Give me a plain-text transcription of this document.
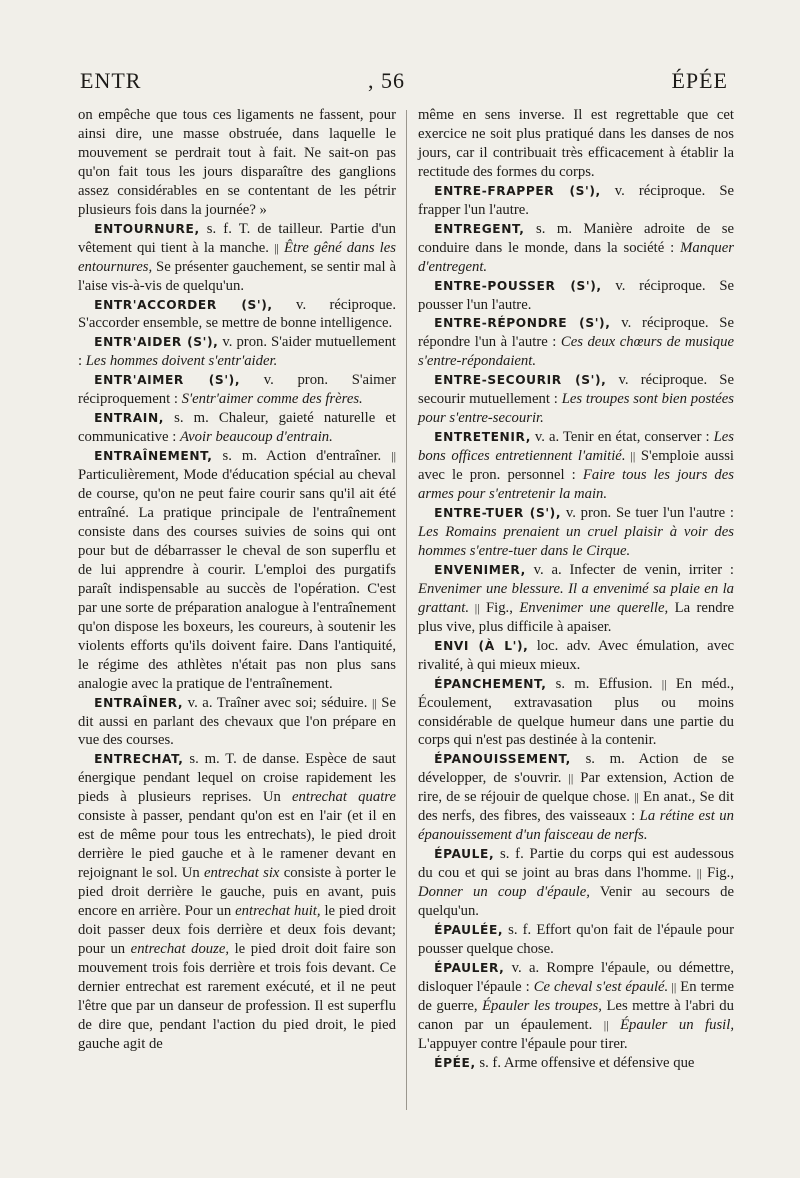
ENTR	, 56	ÉPÉE

on empêche que tous ces ligaments ne fassent, pour ainsi dire, une masse obstruée, dans laquelle le mouvement se perdrait tout à fait. Ne sait-on pas qu'on fait tous les jours disparaître des ganglions assez considérables en se contentant de les pétrir plusieurs fois dans la journée? »

ENTOURNURE, s. f. T. de tailleur. Partie d'un vêtement qui tient à la manche. || Être gêné dans les entournures, Se présenter gauchement, se sentir mal à l'aise vis-à-vis de quelqu'un.

ENTR'ACCORDER (S'), v. réciproque. S'accorder ensemble, se mettre de bonne intelligence.

ENTR'AIDER (S'), v. pron. S'aider mutuellement : Les hommes doivent s'entr'aider.

ENTR'AIMER (S'), v. pron. S'aimer réciproquement : S'entr'aimer comme des frères.

ENTRAIN, s. m. Chaleur, gaieté naturelle et communicative : Avoir beaucoup d'entrain.

ENTRAÎNEMENT, s. m. Action d'entraîner. || Particulièrement, Mode d'éducation spécial au cheval de course, qu'on ne peut faire courir sans qu'il ait été entraîné. La pratique principale de l'entraînement consiste dans des courses suivies de soins qui ont pour but de débarrasser le cheval de son superflu et de lui apprendre à courir. L'emploi des purgatifs paraît indispensable au succès de l'opération. C'est par une sorte de préparation analogue à l'entraînement qu'on dispose les boxeurs, les coureurs, à soutenir les violents efforts qu'ils doivent faire. Dans l'antiquité, le régime des athlètes n'était pas non plus sans analogie avec la pratique de l'entraînement.

ENTRAÎNER, v. a. Traîner avec soi; séduire. || Se dit aussi en parlant des chevaux que l'on prépare en vue des courses.

ENTRECHAT, s. m. T. de danse. Espèce de saut énergique pendant lequel on croise rapidement les pieds à plusieurs reprises. Un entrechat quatre consiste à passer, pendant qu'on est en l'air (et il en est de même pour tous les entrechats), le pied droit derrière le pied gauche et à le ramener devant en rejoignant le sol. Un entrechat six consiste à porter le pied droit derrière le gauche, puis en avant, puis encore en arrière. Pour un entrechat huit, le pied droit doit passer deux fois derrière et deux fois devant; pour un entrechat douze, le pied droit doit faire son mouvement trois fois derrière et trois fois devant. Ce dernier entrechat est rarement exécuté, et il ne peut l'être que par un danseur de profession. Il est superflu de dire que, pendant l'action du pied droit, le pied gauche agit de

même en sens inverse. Il est regrettable que cet exercice ne soit plus pratiqué dans les danses de nos jours, car il contribuait très efficacement à établir la rectitude des formes du corps.

ENTRE-FRAPPER (S'), v. réciproque. Se frapper l'un l'autre.

ENTREGENT, s. m. Manière adroite de se conduire dans le monde, dans la société : Manquer d'entregent.

ENTRE-POUSSER (S'), v. réciproque. Se pousser l'un l'autre.

ENTRE-RÉPONDRE (S'), v. réciproque. Se répondre l'un à l'autre : Ces deux chœurs de musique s'entre-répondaient.

ENTRE-SECOURIR (S'), v. réciproque. Se secourir mutuellement : Les troupes sont bien postées pour s'entre-secourir.

ENTRETENIR, v. a. Tenir en état, conserver : Les bons offices entretiennent l'amitié. || S'emploie aussi avec le pron. personnel : Faire tous les jours des armes pour s'entretenir la main.

ENTRE-TUER (S'), v. pron. Se tuer l'un l'autre : Les Romains prenaient un cruel plaisir à voir des hommes s'entre-tuer dans le Cirque.

ENVENIMER, v. a. Infecter de venin, irriter : Envenimer une blessure. Il a envenimé sa plaie en la grattant. || Fig., Envenimer une querelle, La rendre plus vive, plus difficile à apaiser.

ENVI (À L'), loc. adv. Avec émulation, avec rivalité, à qui mieux mieux.

ÉPANCHEMENT, s. m. Effusion. || En méd., Écoulement, extravasation plus ou moins considérable de quelque humeur dans une partie du corps qui n'est pas destinée à la contenir.

ÉPANOUISSEMENT, s. m. Action de se développer, de s'ouvrir. || Par extension, Action de rire, de se réjouir de quelque chose. || En anat., Se dit des nerfs, des fibres, des vaisseaux : La rétine est un épanouissement d'un faisceau de nerfs.

ÉPAULE, s. f. Partie du corps qui est audessous du cou et qui se joint au bras dans l'homme. || Fig., Donner un coup d'épaule, Venir au secours de quelqu'un.

ÉPAULÉE, s. f. Effort qu'on fait de l'épaule pour pousser quelque chose.

ÉPAULER, v. a. Rompre l'épaule, ou démettre, disloquer l'épaule : Ce cheval s'est épaulé. || En terme de guerre, Épauler les troupes, Les mettre à l'abri du canon par un épaulement. || Épauler un fusil, L'appuyer contre l'épaule pour tirer.

ÉPÉE, s. f. Arme offensive et défensive que
